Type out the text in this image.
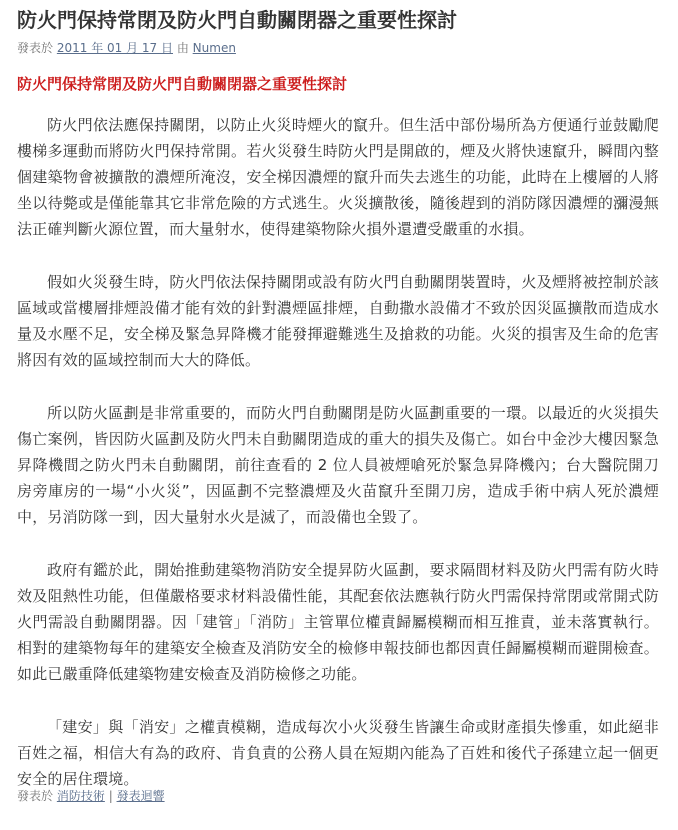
防火門保持常閉及防火門自動關閉器之重要性探討
發表於 2011 年 01 月 17 日 由 Numen
防火門保持常閉及防火門自動關閉器之重要性探討

防火門依法應保持關閉，以防止火災時煙火的竄升。但生活中部份場所為方便通行並鼓勵爬樓梯多運動而將防火門保持常開。若火災發生時防火門是開啟的，煙及火將快速竄升，瞬間內整個建築物會被擴散的濃煙所淹沒，安全梯因濃煙的竄升而失去逃生的功能，此時在上樓層的人將坐以待斃或是僅能靠其它非常危險的方式逃生。火災擴散後，隨後趕到的消防隊因濃煙的瀰漫無法正確判斷火源位置，而大量射水，使得建築物除火損外還遭受嚴重的水損。

假如火災發生時，防火門依法保持關閉或設有防火門自動關閉裝置時，火及煙將被控制於該區域或當樓層排煙設備才能有效的針對濃煙區排煙，自動撒水設備才不致於因災區擴散而造成水量及水壓不足，安全梯及緊急昇降機才能發揮避難逃生及搶救的功能。火災的損害及生命的危害將因有效的區域控制而大大的降低。

所以防火區劃是非常重要的，而防火門自動關閉是防火區劃重要的一環。以最近的火災損失傷亡案例，皆因防火區劃及防火門未自動關閉造成的重大的損失及傷亡。如台中金沙大樓因緊急昇降機間之防火門未自動關閉，前往查看的 2 位人員被煙嗆死於緊急昇降機內；台大醫院開刀房旁庫房的一場“小火災”，因區劃不完整濃煙及火苗竄升至開刀房，造成手術中病人死於濃煙中，另消防隊一到，因大量射水火是滅了，而設備也全毀了。

政府有鑑於此，開始推動建築物消防安全提昇防火區劃，要求隔間材料及防火門需有防火時效及阻熱性功能，但僅嚴格要求材料設備性能，其配套依法應執行防火門需保持常閉或常開式防火門需設自動關閉器。因「建管」「消防」主管單位權責歸屬模糊而相互推責，並未落實執行。相對的建築物每年的建築安全檢查及消防安全的檢修申報技師也都因責任歸屬模糊而避開檢查。如此已嚴重降低建築物建安檢查及消防檢修之功能。

「建安」與「消安」之權責模糊，造成每次小火災發生皆讓生命或財產損失慘重，如此絕非百姓之福，相信大有為的政府、肯負責的公務人員在短期內能為了百姓和後代子孫建立起一個更安全的居住環境。

發表於 消防技術 | 發表迴響
